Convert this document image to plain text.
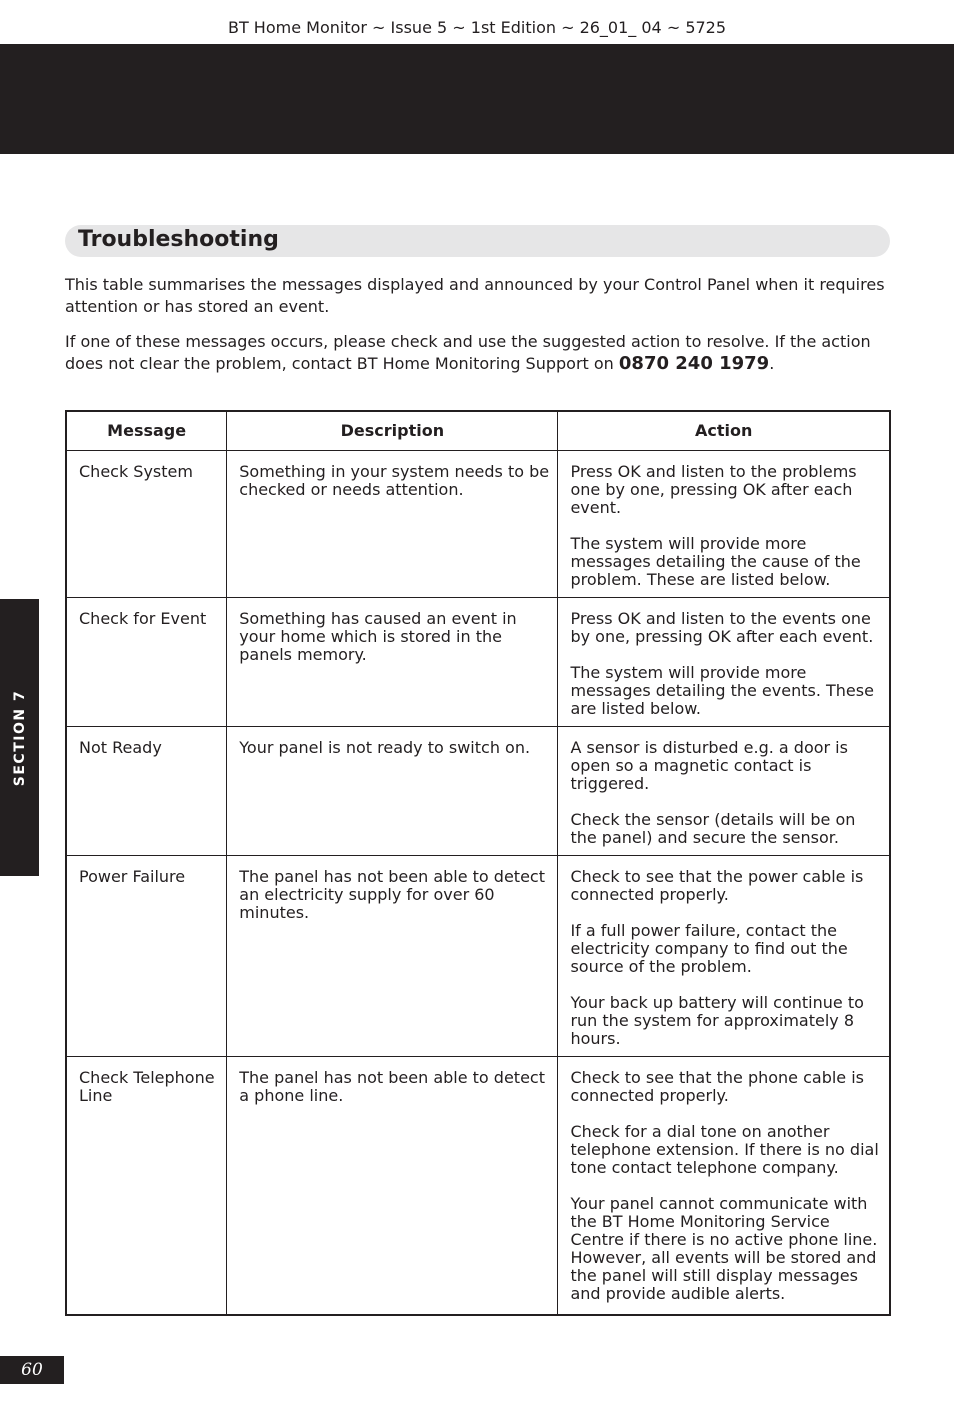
BT Home Monitor ~ Issue 5 ~ 1st Edition ~ 26_01_ 04 ~ 5725
SECTION 7
Troubleshooting

This table summarises the messages displayed and announced by your Control Panel when it requires attention or has stored an event.

If one of these messages occurs, please check and use the suggested action to resolve. If the action does not clear the problem, contact BT Home Monitoring Support on 0870 240 1979.

Message	Description	Action
Check System	Something in your system needs to be checked or needs attention.	Press OK and listen to the problems one by one, pressing OK after each event.

The system will provide more messages detailing the cause of the problem. These are listed below.

Check for Event	Something has caused an event in your home which is stored in the panels memory.	Press OK and listen to the events one by one, pressing OK after each event.

The system will provide more messages detailing the events. These are listed below.

Not Ready	Your panel is not ready to switch on.	A sensor is disturbed e.g. a door is open so a magnetic contact is triggered.

Check the sensor (details will be on the panel) and secure the sensor.

Power Failure	The panel has not been able to detect an electricity supply for over 60 minutes.	Check to see that the power cable is connected properly.

If a full power failure, contact the electricity company to find out the source of the problem.

Your back up battery will continue to run the system for approximately 8 hours.

Check Telephone Line	The panel has not been able to detect a phone line.	Check to see that the phone cable is connected properly.

Check for a dial tone on another telephone extension. If there is no dial tone contact telephone company.

Your panel cannot communicate with the BT Home Monitoring Service Centre if there is no active phone line. However, all events will be stored and the panel will still display messages and provide audible alerts.

60
